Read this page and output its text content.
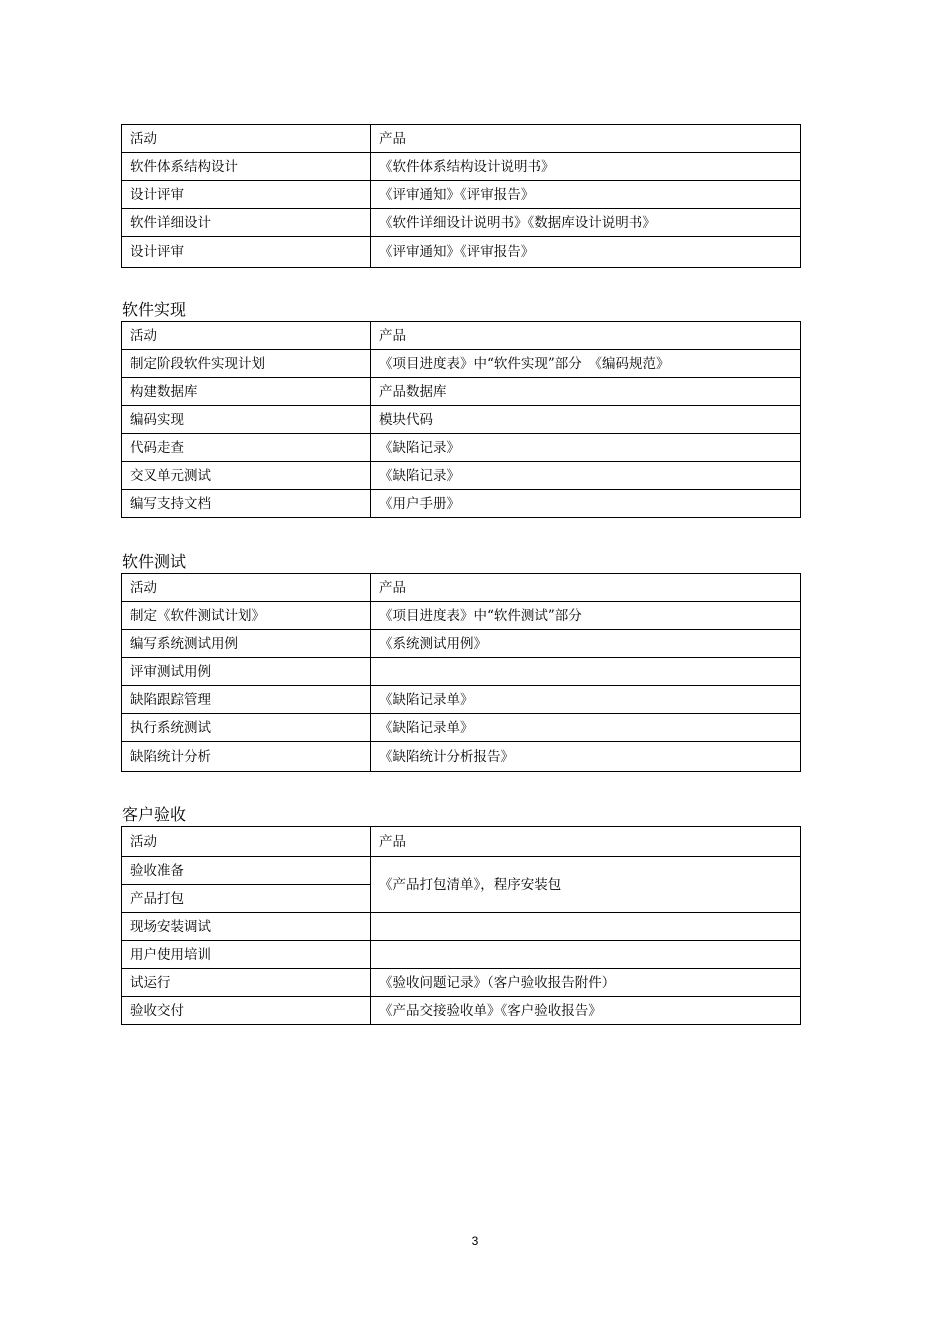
活动	产品
软件体系结构设计	《软件体系结构设计说明书》
设计评审	《评审通知》《评审报告》
软件详细设计	《软件详细设计说明书》《数据库设计说明书》
设计评审	《评审通知》《评审报告》
软件实现
活动	产品
制定阶段软件实现计划	《项目进度表》中“软件实现”部分　《编码规范》
构建数据库	产品数据库
编码实现	模块代码
代码走查	《缺陷记录》
交叉单元测试	《缺陷记录》
编写支持文档	《用户手册》
软件测试
活动	产品
制定《软件测试计划》	《项目进度表》中“软件测试”部分
编写系统测试用例	《系统测试用例》
评审测试用例	
缺陷跟踪管理	《缺陷记录单》
执行系统测试	《缺陷记录单》
缺陷统计分析	《缺陷统计分析报告》
客户验收
活动	产品
验收准备	《产品打包清单》，程序安装包
产品打包	
现场安装调试	
用户使用培训	
试运行	《验收问题记录》（客户验收报告附件）
验收交付	《产品交接验收单》《客户验收报告》
3
